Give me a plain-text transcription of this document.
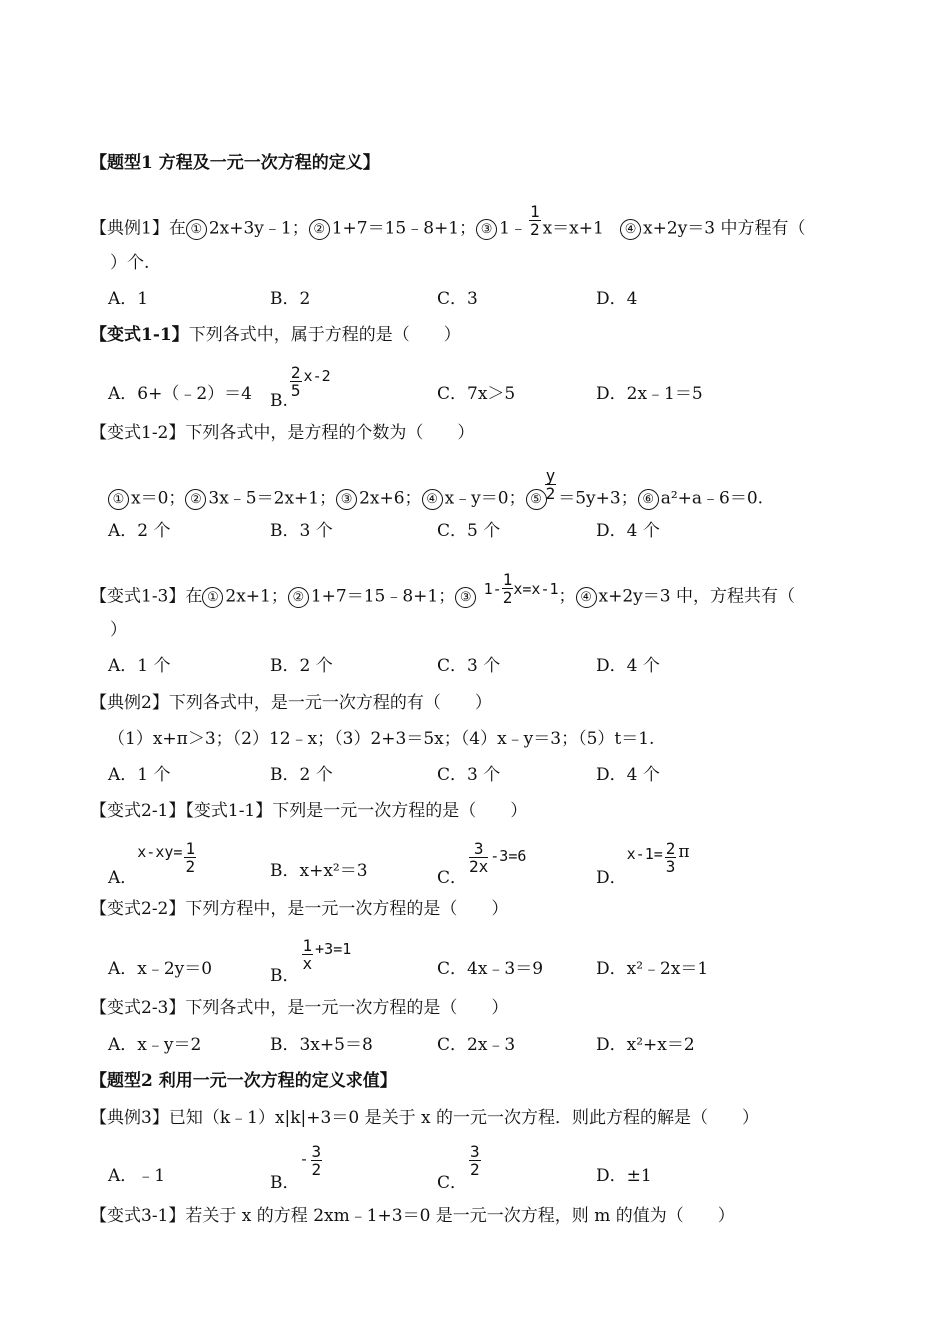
【题型1 方程及一元一次方程的定义】
【典例1】在 ① 2x+3y﹣1； ② 1+7＝15﹣8+1； ③ 1﹣ $\frac{1}{2} x=x+1$ ④ x+2y＝3 中方程有（
）个.
A．1	B．2	C．3	D．4
【变式1-1】下列各式中，属于方程的是（　　）
A．6+（﹣2）＝4 B.
$\frac{2}{5} x-2$
C．7x＞5	D．2x﹣1＝5
【变式1-2】下列各式中，是方程的个数为（　　）
① x＝0； ② 3x﹣5＝2x+1； ③ 2x+6； ④ x﹣y＝0； ⑤ $\frac{y}{2} =5y+3$； ⑥ a²+a﹣6＝0.
A．2 个	B．3 个	C．5 个	D．4 个
【变式1-3】在 ① 2x+1； ② 1+7＝15﹣8+1； ③ $1- \frac{1}{2} x=x-1$； ④ x+2y＝3 中，方程共有（
）
A．1 个	B．2 个	C．3 个	D．4 个
【典例2】下列各式中，是一元一次方程的有（　　）
（1）x+π＞3；（2）12﹣x；（3）2+3＝5x；（4）x﹣y＝3；（5）t＝1.
A．1 个	B．2 个	C．3 个	D．4 个
【变式2-1】【变式1-1】下列是一元一次方程的是（　　）
A．$x-xy= \frac{1}{2}$	B．x+x²＝3	C．
$\frac{3}{2x} -3=6$
D．$x-1= \frac{2}{3}$ π
【变式2-2】下列方程中，是一元一次方程的是（　　）
A．x﹣2y＝0	B．
$\frac{1}{x} +3=1$
C．4x﹣3＝9	D．x²﹣2x＝1
【变式2-3】下列各式中，是一元一次方程的是（　　）
A．x﹣y＝2	B．3x+5＝8	C．2x﹣3	D．x²+x＝2
【题型2 利用一元一次方程的定义求值】
【典例3】已知（k﹣1）x|k|+3＝0 是关于 x 的一元一次方程．则此方程的解是（　　）
A．﹣1	B．- $\frac{3}{2}$
C．
$\frac{3}{2}$	D．±1
【变式3-1】若关于 x 的方程 2xm﹣1+3＝0 是一元一次方程，则 m 的值为（　　）
